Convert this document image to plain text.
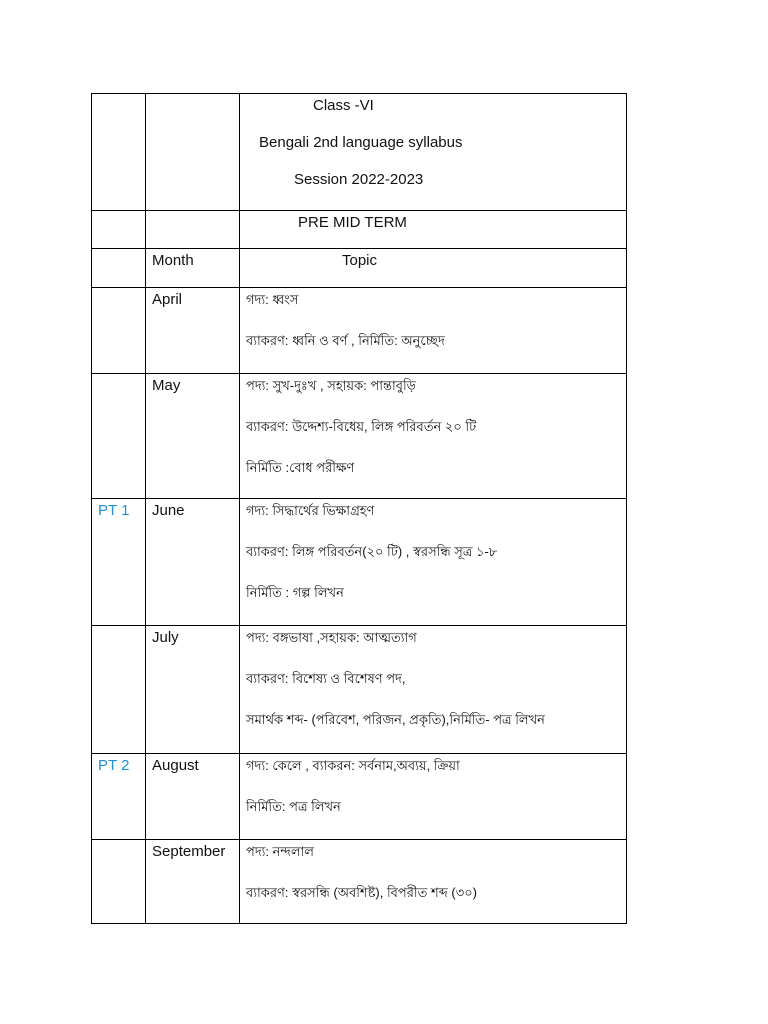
		Class -VI
Bengali 2nd language syllabus
Session 2022-2023

		PRE MID TERM
	Month	Topic
	April	গদ্য: ধ্বংস
ব্যাকরণ: ধ্বনি ও বর্ণ , নির্মিতি: অনুচ্ছেদ

	May	পদ্য: সুখ-দুঃখ , সহায়ক: পান্তাবুড়ি
ব্যাকরণ: উদ্দেশ্য-বিধেয়, লিঙ্গ পরিবর্তন ২০ টি
নির্মিতি :বোধ পরীক্ষণ

PT 1	June	গদ্য: সিদ্ধার্থের ভিক্ষাগ্রহণ
ব্যাকরণ: লিঙ্গ পরিবর্তন(২০ টি) , স্বরসন্ধি সূত্র ১-৮
নির্মিতি : গল্প লিখন

	July	পদ্য: বঙ্গভাষা ,সহায়ক: আত্মত্যাগ
ব্যাকরণ: বিশেষ্য ও বিশেষণ পদ,
সমার্থক শব্দ- (পরিবেশ, পরিজন, প্রকৃতি),নির্মিতি- পত্র লিখন

PT 2	August	গদ্য: কেলে , ব্যাকরন: সর্বনাম,অব্যয়, ক্রিয়া
নির্মিতি: পত্র লিখন

	September	পদ্য: নন্দলাল
ব্যাকরণ: স্বরসন্ধি (অবশিষ্ট), বিপরীত শব্দ (৩০)
